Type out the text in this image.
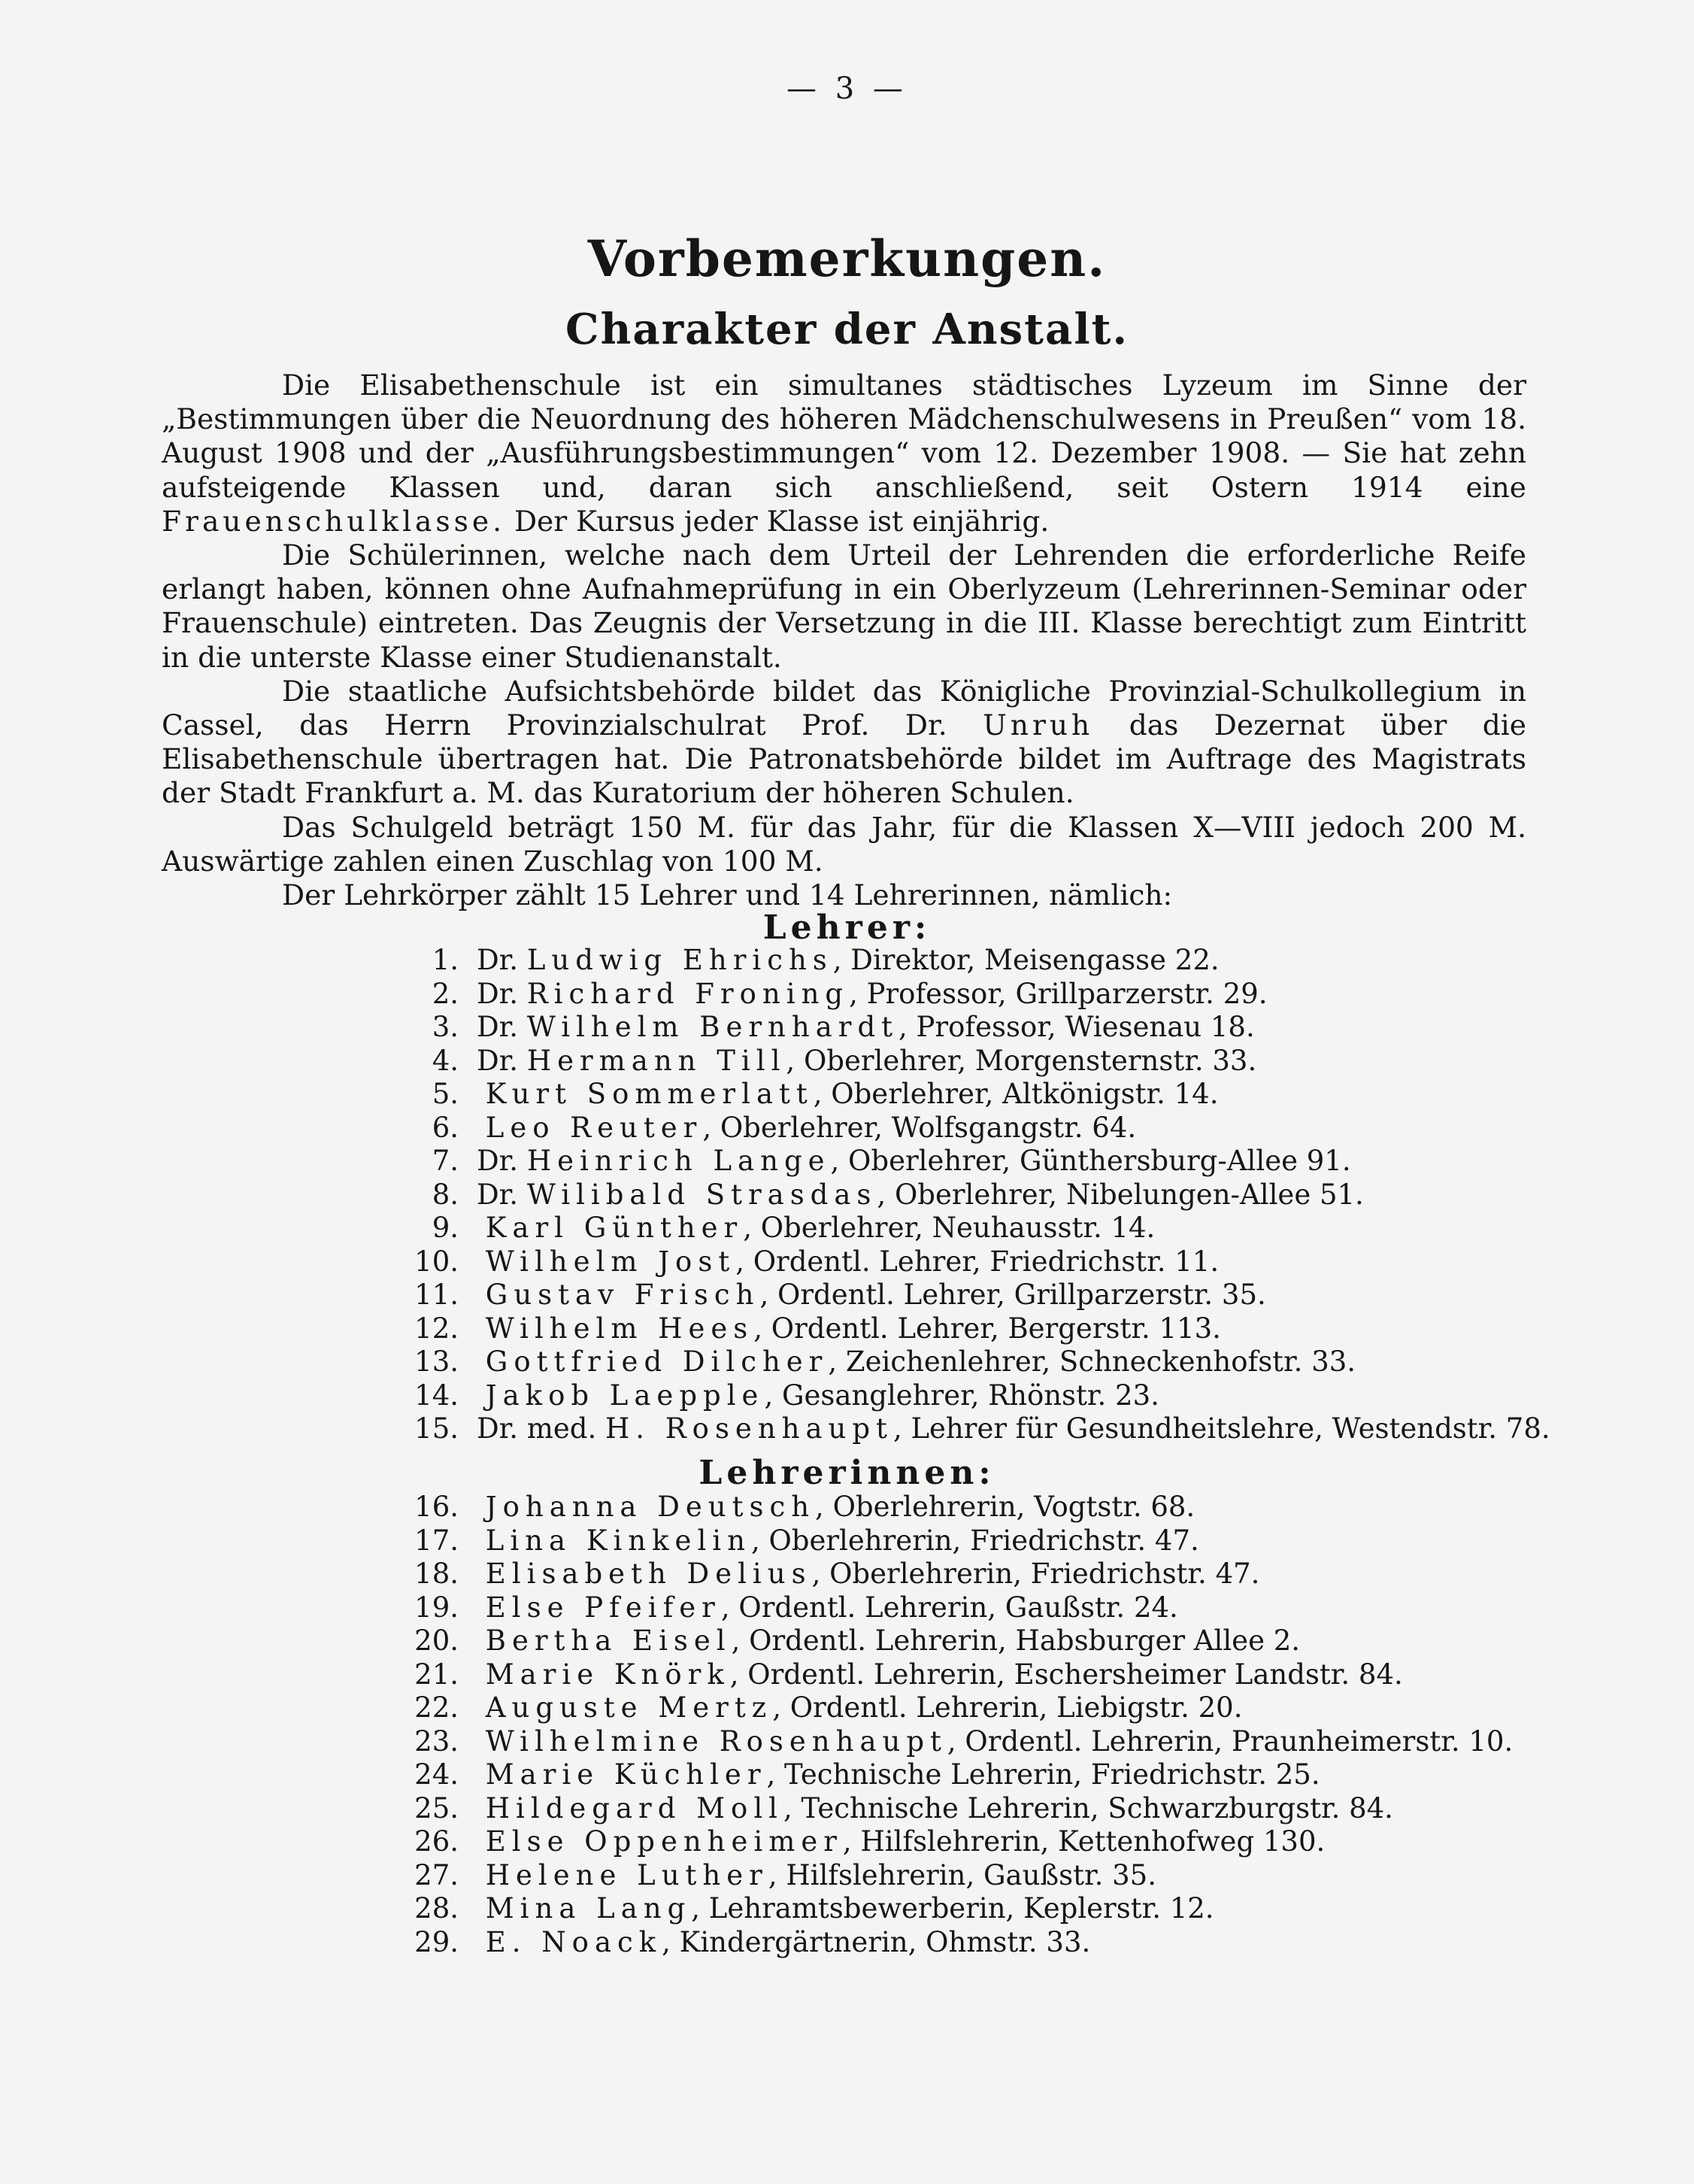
— 3 —
Vorbemerkungen.
Charakter der Anstalt.

Die Elisabethenschule ist ein simultanes städtisches Lyzeum im Sinne der „Bestimmungen über die Neuordnung des höheren Mädchenschulwesens in Preußen“ vom 18. August 1908 und der „Ausführungsbestimmungen“ vom 12. Dezember 1908. — Sie hat zehn aufsteigende Klassen und, daran sich anschließend, seit Ostern 1914 eine Frauenschulklasse. Der Kursus jeder Klasse ist einjährig.

Die Schülerinnen, welche nach dem Urteil der Lehrenden die erforderliche Reife erlangt haben, können ohne Aufnahmeprüfung in ein Oberlyzeum (Lehrerinnen-Seminar oder Frauenschule) eintreten. Das Zeugnis der Versetzung in die III. Klasse berechtigt zum Eintritt in die unterste Klasse einer Studienanstalt.

Die staatliche Aufsichtsbehörde bildet das Königliche Provinzial-Schulkollegium in Cassel, das Herrn Provinzialschulrat Prof. Dr. Unruh das Dezernat über die Elisabethenschule übertragen hat. Die Patronatsbehörde bildet im Auftrage des Magistrats der Stadt Frankfurt a. M. das Kuratorium der höheren Schulen.

Das Schulgeld beträgt 150 M. für das Jahr, für die Klassen X—VIII jedoch 200 M. Auswärtige zahlen einen Zuschlag von 100 M.

Der Lehrkörper zählt 15 Lehrer und 14 Lehrerinnen, nämlich:

Lehrer:
1. Dr. Ludwig Ehrichs, Direktor, Meisengasse 22.
2. Dr. Richard Froning, Professor, Grillparzerstr. 29.
3. Dr. Wilhelm Bernhardt, Professor, Wiesenau 18.
4. Dr. Hermann Till, Oberlehrer, Morgensternstr. 33.
5. Kurt Sommerlatt, Oberlehrer, Altkönigstr. 14.
6. Leo Reuter, Oberlehrer, Wolfsgangstr. 64.
7. Dr. Heinrich Lange, Oberlehrer, Günthersburg-Allee 91.
8. Dr. Wilibald Strasdas, Oberlehrer, Nibelungen-Allee 51.
9. Karl Günther, Oberlehrer, Neuhausstr. 14.
10. Wilhelm Jost, Ordentl. Lehrer, Friedrichstr. 11.
11. Gustav Frisch, Ordentl. Lehrer, Grillparzerstr. 35.
12. Wilhelm Hees, Ordentl. Lehrer, Bergerstr. 113.
13. Gottfried Dilcher, Zeichenlehrer, Schneckenhofstr. 33.
14. Jakob Laepple, Gesanglehrer, Rhönstr. 23.
15. Dr. med. H. Rosenhaupt, Lehrer für Gesundheitslehre, Westendstr. 78.
Lehrerinnen:
16. Johanna Deutsch, Oberlehrerin, Vogtstr. 68.
17. Lina Kinkelin, Oberlehrerin, Friedrichstr. 47.
18. Elisabeth Delius, Oberlehrerin, Friedrichstr. 47.
19. Else Pfeifer, Ordentl. Lehrerin, Gaußstr. 24.
20. Bertha Eisel, Ordentl. Lehrerin, Habsburger Allee 2.
21. Marie Knörk, Ordentl. Lehrerin, Eschersheimer Landstr. 84.
22. Auguste Mertz, Ordentl. Lehrerin, Liebigstr. 20.
23. Wilhelmine Rosenhaupt, Ordentl. Lehrerin, Praunheimerstr. 10.
24. Marie Küchler, Technische Lehrerin, Friedrichstr. 25.
25. Hildegard Moll, Technische Lehrerin, Schwarzburgstr. 84.
26. Else Oppenheimer, Hilfslehrerin, Kettenhofweg 130.
27. Helene Luther, Hilfslehrerin, Gaußstr. 35.
28. Mina Lang, Lehramtsbewerberin, Keplerstr. 12.
29. E. Noack, Kindergärtnerin, Ohmstr. 33.
